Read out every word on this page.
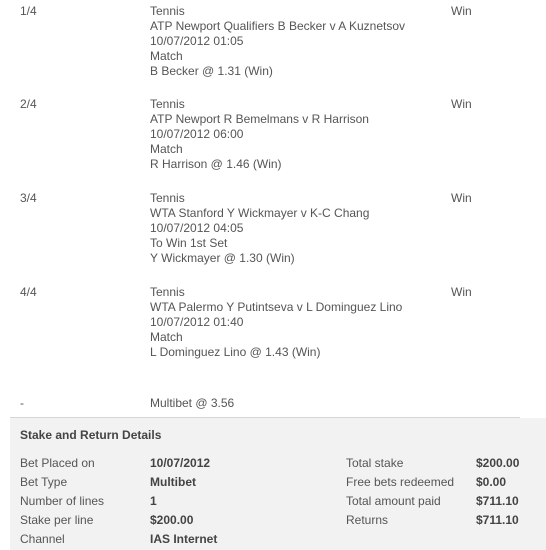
1/4	Tennis
ATP Newport Qualifiers B Becker v A Kuznetsov
10/07/2012 01:05
Match
B Becker @ 1.31 (Win)
Win
2/4	Tennis
ATP Newport R Bemelmans v R Harrison
10/07/2012 06:00
Match
R Harrison @ 1.46 (Win)
Win
3/4	Tennis
WTA Stanford Y Wickmayer v K-C Chang
10/07/2012 04:05
To Win 1st Set
Y Wickmayer @ 1.30 (Win)
Win
4/4	Tennis
WTA Palermo Y Putintseva v L Dominguez Lino
10/07/2012 01:40
Match
L Dominguez Lino @ 1.43 (Win)
Win
-	Multibet @ 3.56
Stake and Return Details
Bet Placed on	10/07/2012	Total stake	$200.00
Bet Type	Multibet	Free bets redeemed $0.00
Number of lines	1	Total amount paid	$711.10
Stake per line	$200.00	Returns	$711.10
Channel	IAS Internet
